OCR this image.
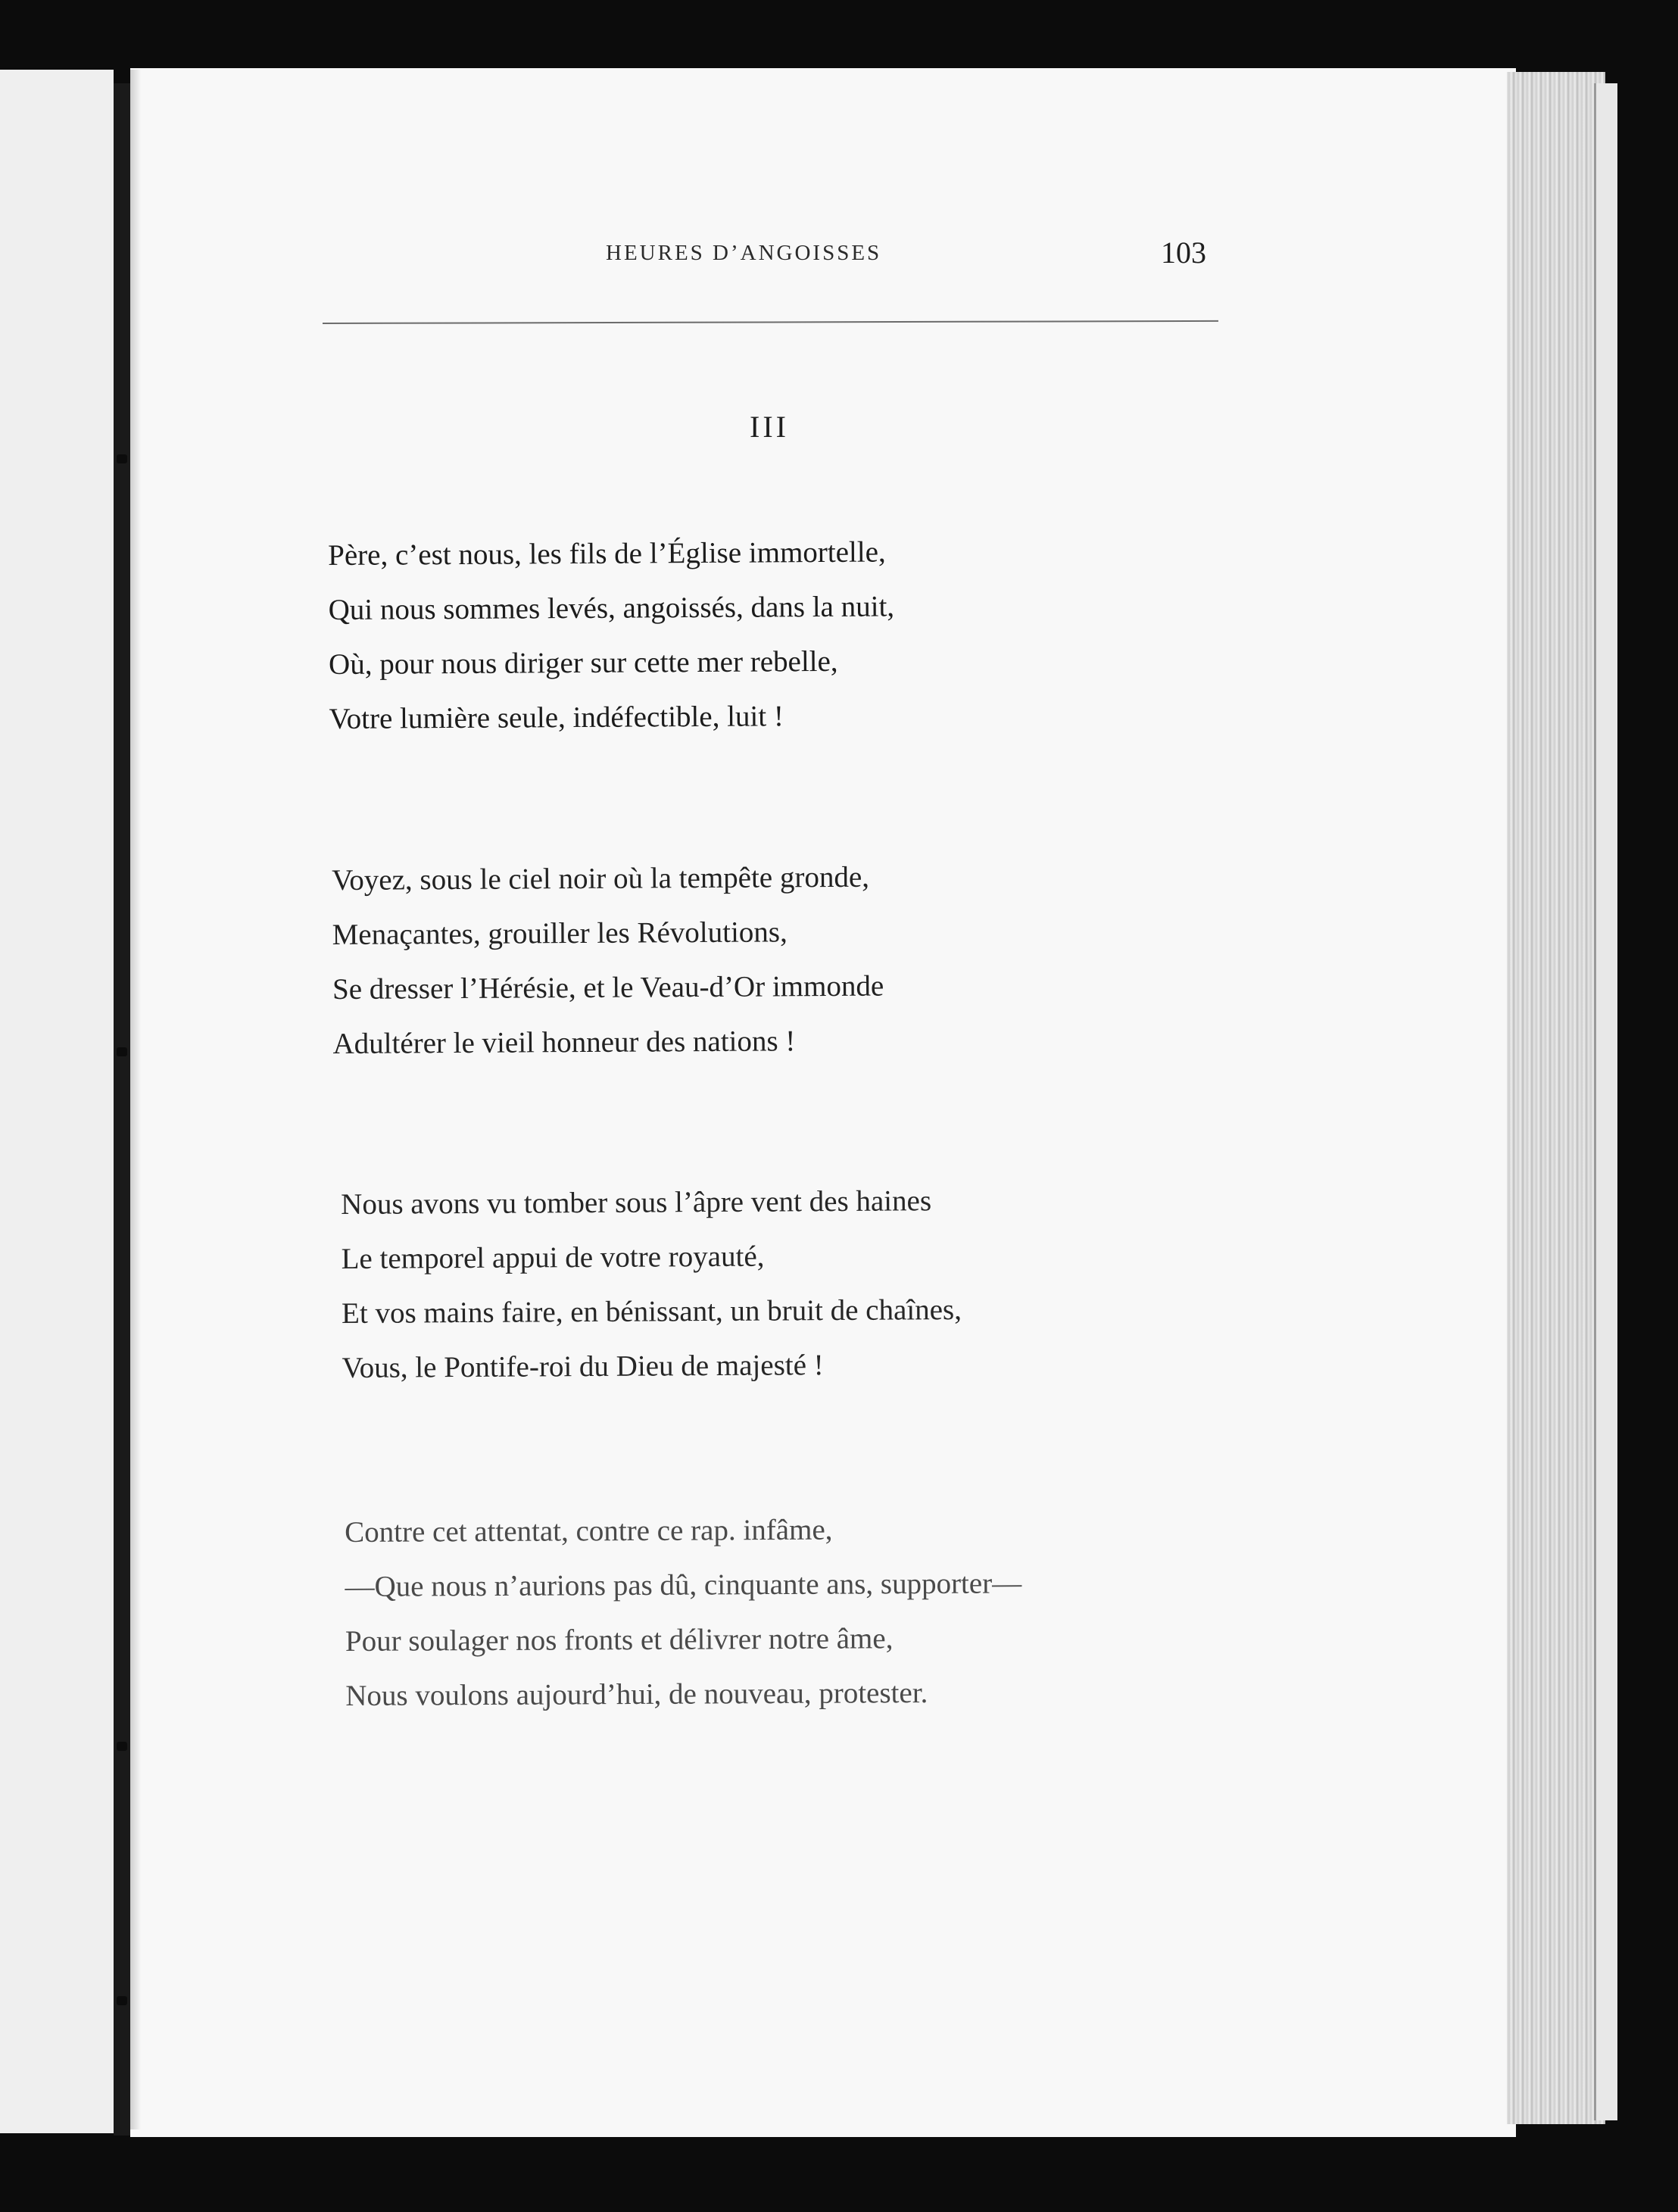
HEURES D’ANGOISSES	103
III
Père, c’est nous, les fils de l’Église immortelle,
Qui nous sommes levés, angoissés, dans la nuit,
Où, pour nous diriger sur cette mer rebelle,
Votre lumière seule, indéfectible, luit !
Voyez, sous le ciel noir où la tempête gronde,
Menaçantes, grouiller les Révolutions,
Se dresser l’Hérésie, et le Veau-d’Or immonde
Adultérer le vieil honneur des nations !
Nous avons vu tomber sous l’âpre vent des haines
Le temporel appui de votre royauté,
Et vos mains faire, en bénissant, un bruit de chaînes,
Vous, le Pontife-roi du Dieu de majesté !
Contre cet attentat, contre ce rap. infâme,
—Que nous n’aurions pas dû, cinquante ans, supporter—
Pour soulager nos fronts et délivrer notre âme,
Nous voulons aujourd’hui, de nouveau, protester.
